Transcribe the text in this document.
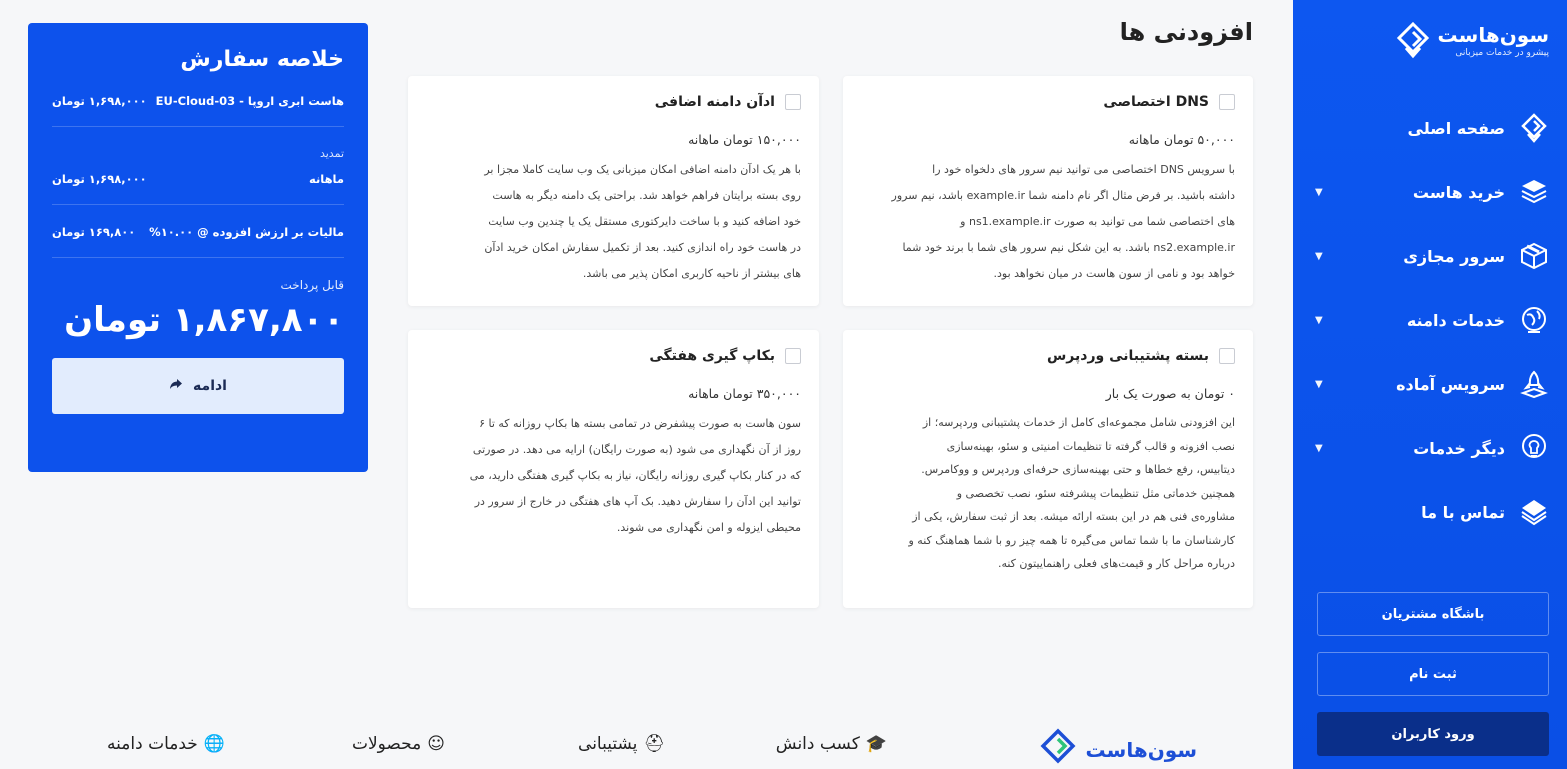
سون‌هاست
پیشرو در خدمات میزبانی
صفحه اصلی
خرید هاست
▼
سرور مجازی
▼
خدمات دامنه
▼
سرویس آماده
▼
دیگر خدمات
▼
تماس با ما
باشگاه مشتریان
ثبت نام
ورود کاربران
افزودنی ها
DNS اختصاصی
۵۰,۰۰۰ تومان ماهانه
با سرویس DNS اختصاصی می توانید نیم سرور های دلخواه خود را
داشته باشید. بر فرض مثال اگر نام دامنه شما example.ir باشد، نیم سرور
های اختصاصی شما می توانید به صورت ns1.example.ir و
ns2.example.ir باشد. به این شکل نیم سرور های شما با برند خود شما
خواهد بود و نامی از سون هاست در میان نخواهد بود.
ادآن دامنه اضافی
۱۵۰,۰۰۰ تومان ماهانه
با هر یک ادآن دامنه اضافی امکان میزبانی یک وب سایت کاملا مجزا بر
روی بسته برایتان فراهم خواهد شد. براحتی یک دامنه دیگر به هاست
خود اضافه کنید و با ساخت دایرکتوری مستقل یک یا چندین وب سایت
در هاست خود راه اندازی کنید. بعد از تکمیل سفارش امکان خرید ادآن
های بیشتر از ناحیه کاربری امکان پذیر می باشد.
بسته پشتیبانی وردپرس
۰ تومان به صورت یک بار
این افزودنی شامل مجموعه‌ای کامل از خدمات پشتیبانی وردپرسه؛ از
نصب افزونه و قالب گرفته تا تنظیمات امنیتی و سئو، بهینه‌سازی
دیتابیس، رفع خطاها و حتی بهینه‌سازی حرفه‌ای وردپرس و ووکامرس.
همچنین خدماتی مثل تنظیمات پیشرفته سئو، نصب تخصصی و
مشاوره‌ی فنی هم در این بسته ارائه میشه. بعد از ثبت سفارش، یکی از
کارشناسان ما با شما تماس می‌گیره تا همه چیز رو با شما هماهنگ کنه و
درباره مراحل کار و قیمت‌های فعلی راهنماییتون کنه.
بکاپ گیری هفتگی
۳۵۰,۰۰۰ تومان ماهانه
سون هاست به صورت پیشفرض در تمامی بسته ها بکاپ روزانه که تا ۶
روز از آن نگهداری می شود (به صورت رایگان) ارایه می دهد. در صورتی
که در کنار بکاپ گیری روزانه رایگان، نیاز به بکاپ گیری هفتگی دارید، می
توانید این ادآن را سفارش دهید. بک آپ های هفتگی در خارج از سرور در
محیطی ایزوله و امن نگهداری می شوند.
خلاصه سفارش
هاست ابری اروپا - EU-Cloud-03
۱,۶۹۸,۰۰۰ تومان
تمدید
ماهانه
۱,۶۹۸,۰۰۰ تومان
مالیات بر ارزش افزوده @ ۱۰.۰۰%
۱۶۹,۸۰۰ تومان
قابل پرداخت
۱,۸۶۷,۸۰۰ تومان
ادامه
سون‌هاست
🎓
کسب دانش
⛑
پشتیبانی
☺
محصولات
🌐
خدمات دامنه
